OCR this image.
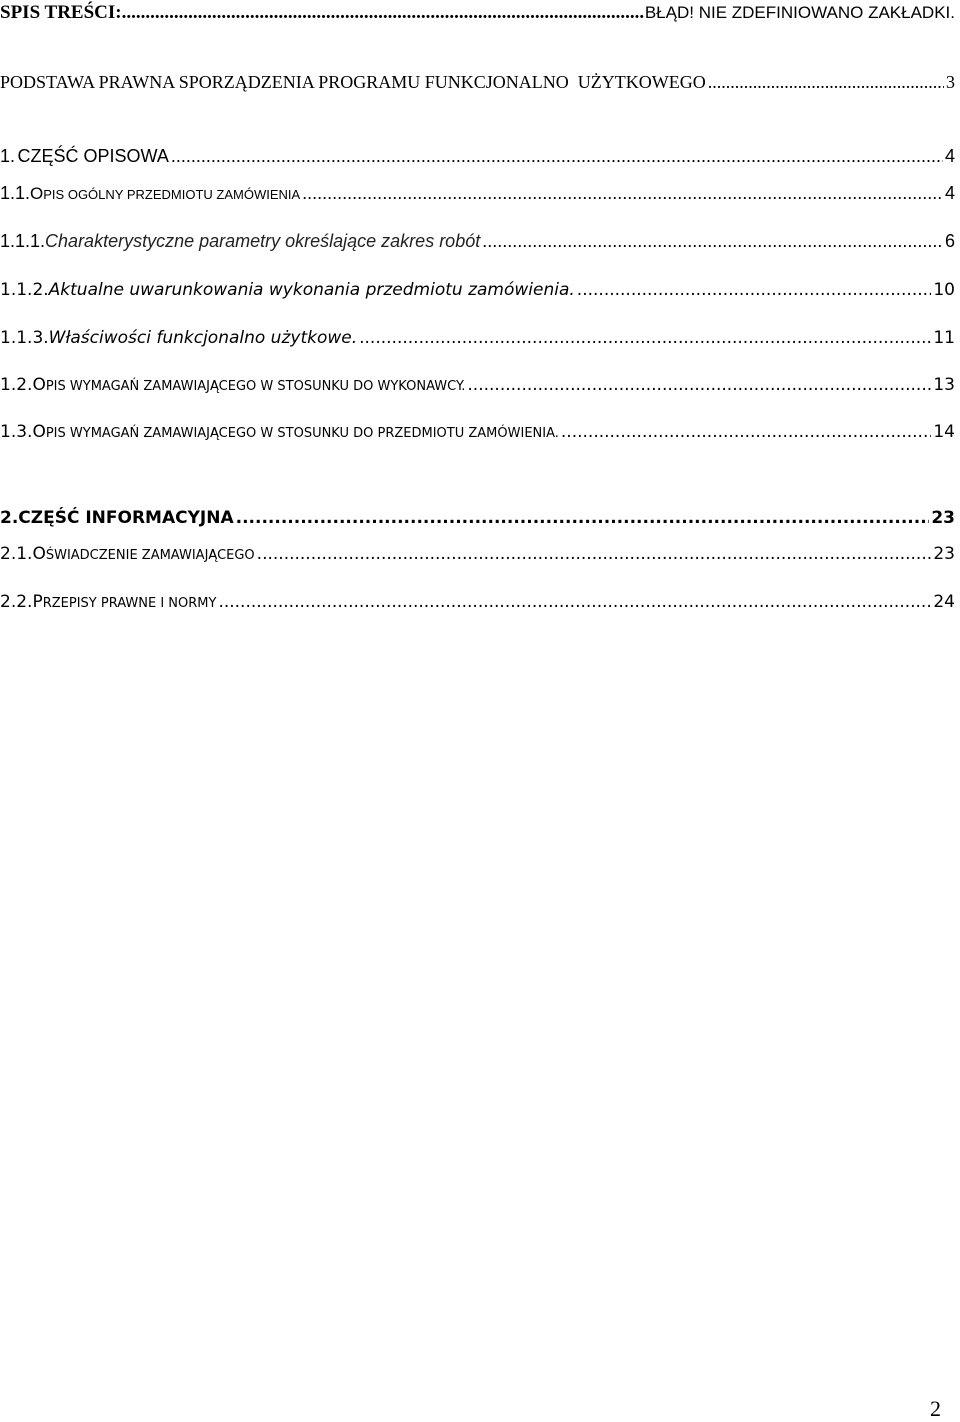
SPIS TREŚCI: .....	BŁĄD! NIE ZDEFINIOWANO ZAKŁADKI.
PODSTAWA PRAWNA SPORZĄDZENIA PROGRAMU FUNKCJONALNO  UŻYTKOWEGO .....	3
1. CZĘŚĆ OPISOWA .....	4
1.1. O PIS OGÓLNY PRZEDMIOTU ZAMÓWIENIA .....	4
1.1.1. Charakterystyczne parametry określające zakres robót .....	6
1.1.2. Aktualne uwarunkowania wykonania przedmiotu zamówienia. .....	10
1.1.3. Właściwości funkcjonalno użytkowe. .....	11
1.2. O PIS WYMAGAŃ ZAMAWIAJĄCEGO W STOSUNKU DO WYKONAWCY. .....	13
1.3. O PIS WYMAGAŃ ZAMAWIAJĄCEGO W STOSUNKU DO PRZEDMIOTU ZAMÓWIENIA. .....	14
2. CZĘŚĆ INFORMACYJNA .....	23
2.1. O ŚWIADCZENIE ZAMAWIAJĄCEGO .....	23
2.2. P RZEPISY PRAWNE I NORMY .....	24
2
